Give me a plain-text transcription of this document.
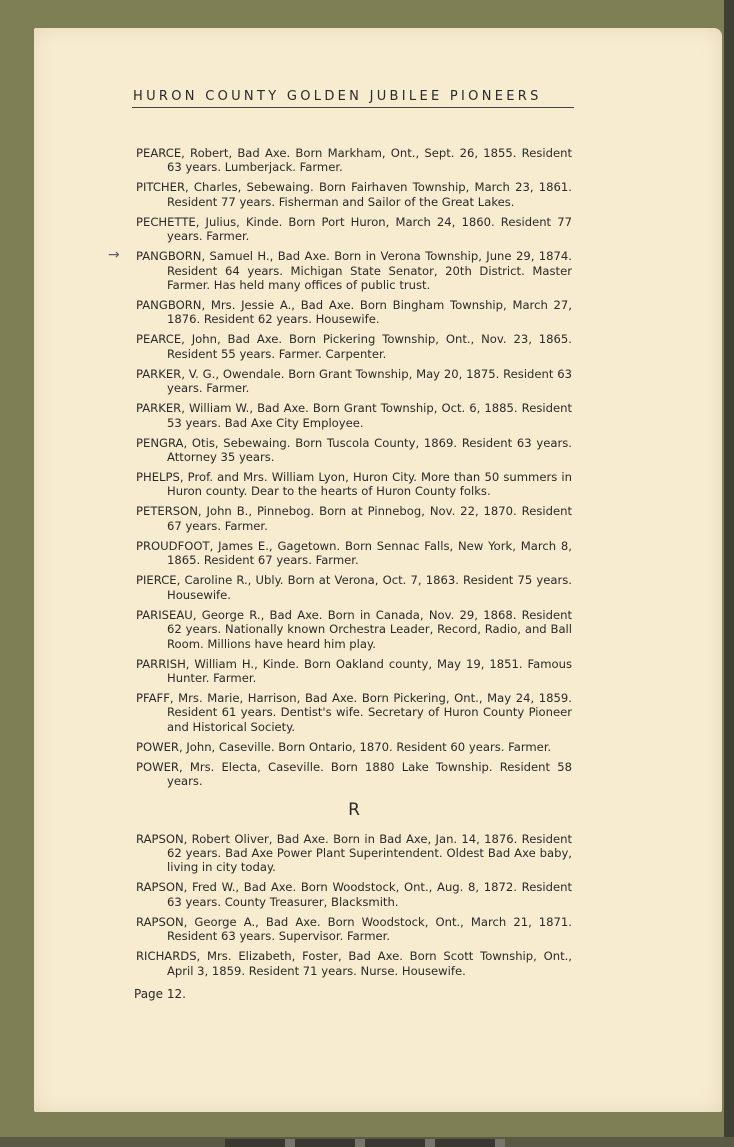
HURON COUNTY GOLDEN JUBILEE PIONEERS
PEARCE, Robert, Bad Axe. Born Markham, Ont., Sept. 26, 1855. Resident 63 years. Lumberjack. Farmer.
PITCHER, Charles, Sebewaing. Born Fairhaven Township, March 23, 1861. Resident 77 years. Fisherman and Sailor of the Great Lakes.
PECHETTE, Julius, Kinde. Born Port Huron, March 24, 1860. Resident 77 years. Farmer.
→ PANGBORN, Samuel H., Bad Axe. Born in Verona Township, June 29, 1874. Resident 64 years. Michigan State Senator, 20th District. Master Farmer. Has held many offices of public trust.
PANGBORN, Mrs. Jessie A., Bad Axe. Born Bingham Township, March 27, 1876. Resident 62 years. Housewife.
PEARCE, John, Bad Axe. Born Pickering Township, Ont., Nov. 23, 1865. Resident 55 years. Farmer. Carpenter.
PARKER, V. G., Owendale. Born Grant Township, May 20, 1875. Resident 63 years. Farmer.
PARKER, William W., Bad Axe. Born Grant Township, Oct. 6, 1885. Resident 53 years. Bad Axe City Employee.
PENGRA, Otis, Sebewaing. Born Tuscola County, 1869. Resident 63 years. Attorney 35 years.
PHELPS, Prof. and Mrs. William Lyon, Huron City. More than 50 summers in Huron county. Dear to the hearts of Huron County folks.
PETERSON, John B., Pinnebog. Born at Pinnebog, Nov. 22, 1870. Resident 67 years. Farmer.
PROUDFOOT, James E., Gagetown. Born Sennac Falls, New York, March 8, 1865. Resident 67 years. Farmer.
PIERCE, Caroline R., Ubly. Born at Verona, Oct. 7, 1863. Resident 75 years. Housewife.
PARISEAU, George R., Bad Axe. Born in Canada, Nov. 29, 1868. Resident 62 years. Nationally known Orchestra Leader, Record, Radio, and Ball Room. Millions have heard him play.
PARRISH, William H., Kinde. Born Oakland county, May 19, 1851. Famous Hunter. Farmer.
PFAFF, Mrs. Marie, Harrison, Bad Axe. Born Pickering, Ont., May 24, 1859. Resident 61 years. Dentist's wife. Secretary of Huron County Pioneer and Historical Society.
POWER, John, Caseville. Born Ontario, 1870. Resident 60 years. Farmer.
POWER, Mrs. Electa, Caseville. Born 1880 Lake Township. Resident 58 years.
R
RAPSON, Robert Oliver, Bad Axe. Born in Bad Axe, Jan. 14, 1876. Resident 62 years. Bad Axe Power Plant Superintendent. Oldest Bad Axe baby, living in city today.
RAPSON, Fred W., Bad Axe. Born Woodstock, Ont., Aug. 8, 1872. Resident 63 years. County Treasurer, Blacksmith.
RAPSON, George A., Bad Axe. Born Woodstock, Ont., March 21, 1871. Resident 63 years. Supervisor. Farmer.
RICHARDS, Mrs. Elizabeth, Foster, Bad Axe. Born Scott Township, Ont., April 3, 1859. Resident 71 years. Nurse. Housewife.

Page 12.
